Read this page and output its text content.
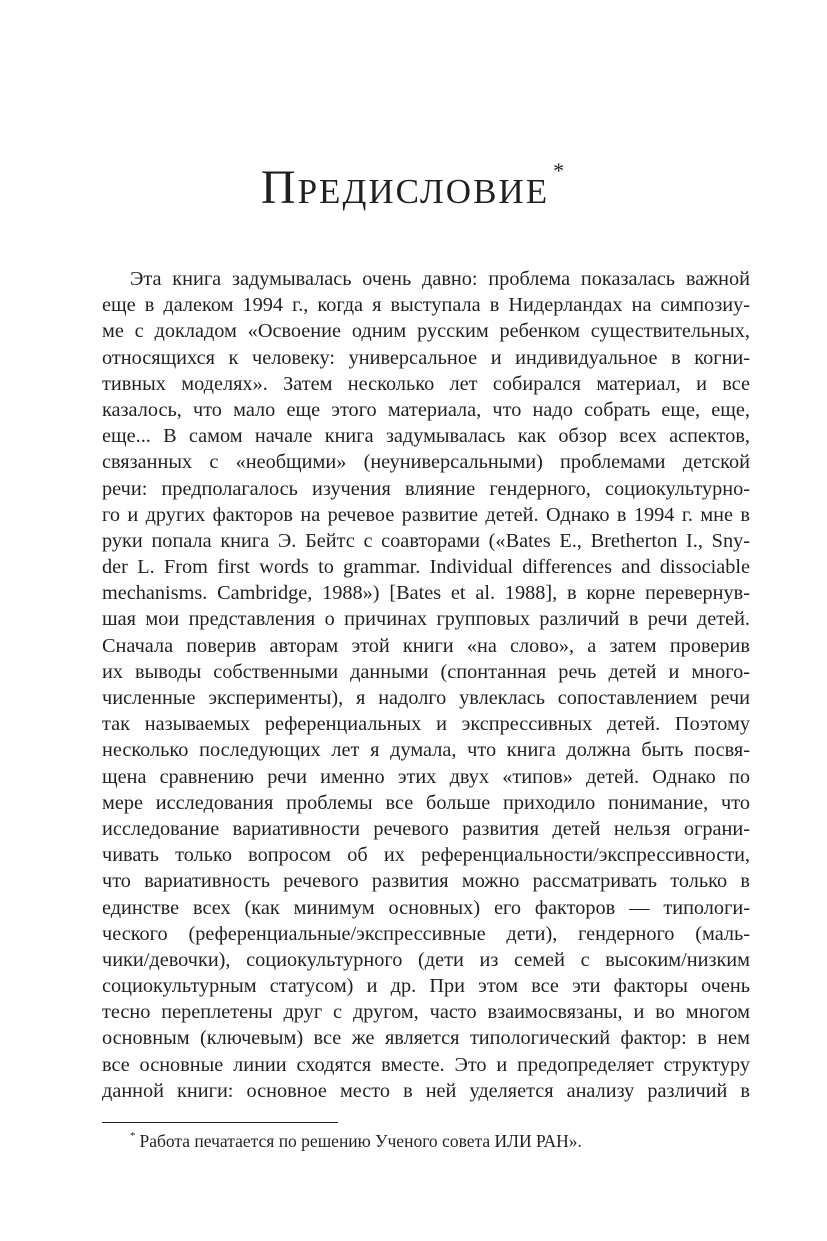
ПРЕДИСЛОВИЕ*
Эта книга задумывалась очень давно: проблема показалась важной
еще в далеком 1994 г., когда я выступала в Нидерландах на симпозиу-
ме с докладом «Освоение одним русским ребенком существительных,
относящихся к человеку: универсальное и индивидуальное в когни-
тивных моделях». Затем несколько лет собирался материал, и все
казалось, что мало еще этого материала, что надо собрать еще, еще,
еще... В самом начале книга задумывалась как обзор всех аспектов,
связанных с «необщими» (неуниверсальными) проблемами детской
речи: предполагалось изучения влияние гендерного, социокультурно-
го и других факторов на речевое развитие детей. Однако в 1994 г. мне в
руки попала книга Э. Бейтс с соавторами («Bates E., Bretherton I., Sny-
der L. From first words to grammar. Individual differences and dissociable
mechanisms. Cambridge, 1988») [Bates et al. 1988], в корне перевернув-
шая мои представления о причинах групповых различий в речи детей.
Сначала поверив авторам этой книги «на слово», а затем проверив
их выводы собственными данными (спонтанная речь детей и много-
численные эксперименты), я надолго увлеклась сопоставлением речи
так называемых референциальных и экспрессивных детей. Поэтому
несколько последующих лет я думала, что книга должна быть посвя-
щена сравнению речи именно этих двух «типов» детей. Однако по
мере исследования проблемы все больше приходило понимание, что
исследование вариативности речевого развития детей нельзя ограни-
чивать только вопросом об их референциальности/экспрессивности,
что вариативность речевого развития можно рассматривать только в
единстве всех (как минимум основных) его факторов — типологи-
ческого (референциальные/экспрессивные дети), гендерного (маль-
чики/девочки), социокультурного (дети из семей с высоким/низким
социокультурным статусом) и др. При этом все эти факторы очень
тесно переплетены друг с другом, часто взаимосвязаны, и во многом
основным (ключевым) все же является типологический фактор: в нем
все основные линии сходятся вместе. Это и предопределяет структуру
данной книги: основное место в ней уделяется анализу различий в
* Работа печатается по решению Ученого совета ИЛИ РАН».
